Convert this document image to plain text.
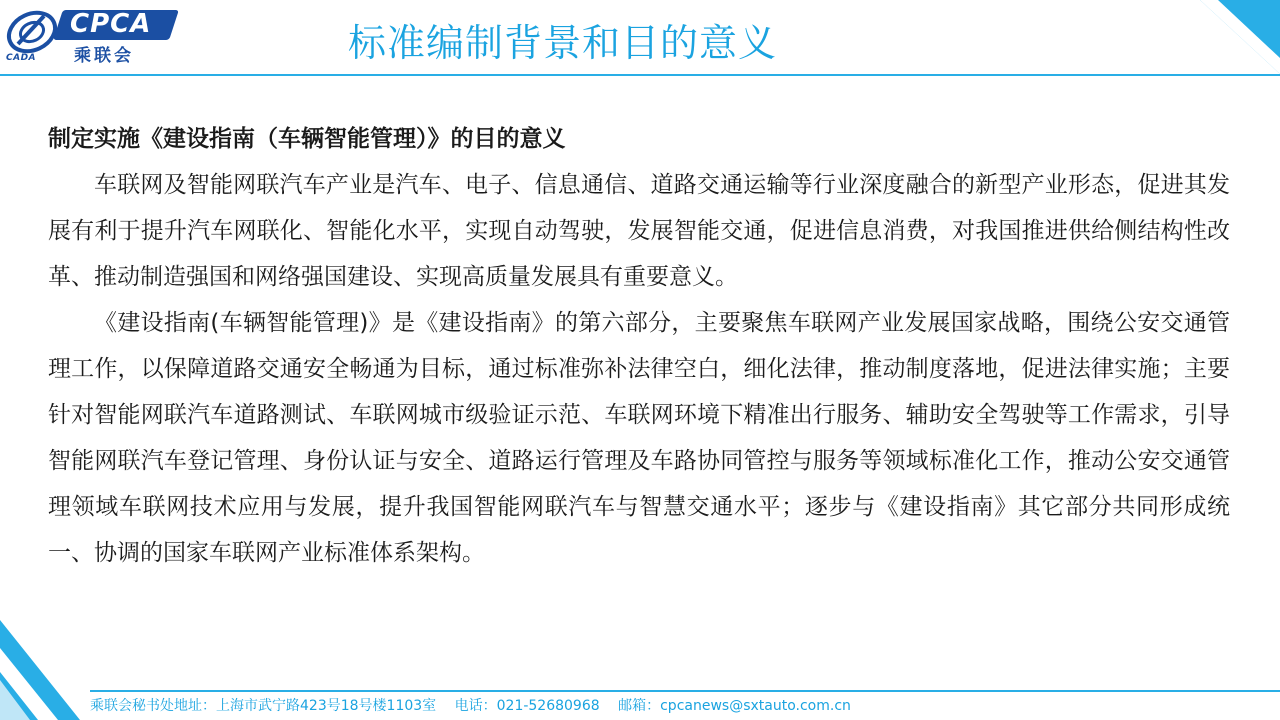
CPCA
乘联会
CADA	标准编制背景和目的意义

制定实施《建设指南（车辆智能管理）》的目的意义

车联网及智能网联汽车产业是汽车、电子、信息通信、道路交通运输等行业深度融合的新型产业形态，促进其发展有利于提升汽车网联化、智能化水平，实现自动驾驶，发展智能交通，促进信息消费，对我国推进供给侧结构性改革、推动制造强国和网络强国建设、实现高质量发展具有重要意义。

《建设指南(车辆智能管理)》是《建设指南》的第六部分，主要聚焦车联网产业发展国家战略，围绕公安交通管理工作，以保障道路交通安全畅通为目标，通过标准弥补法律空白，细化法律，推动制度落地，促进法律实施；主要针对智能网联汽车道路测试、车联网城市级验证示范、车联网环境下精准出行服务、辅助安全驾驶等工作需求，引导智能网联汽车登记管理、身份认证与安全、道路运行管理及车路协同管控与服务等领域标准化工作，推动公安交通管理领域车联网技术应用与发展，提升我国智能网联汽车与智慧交通水平；逐步与《建设指南》其它部分共同形成统一、协调的国家车联网产业标准体系架构。

乘联会秘书处地址：上海市武宁路423号18号楼1103室 电话：021-52680968 邮箱：cpcanews@sxtauto.com.cn
